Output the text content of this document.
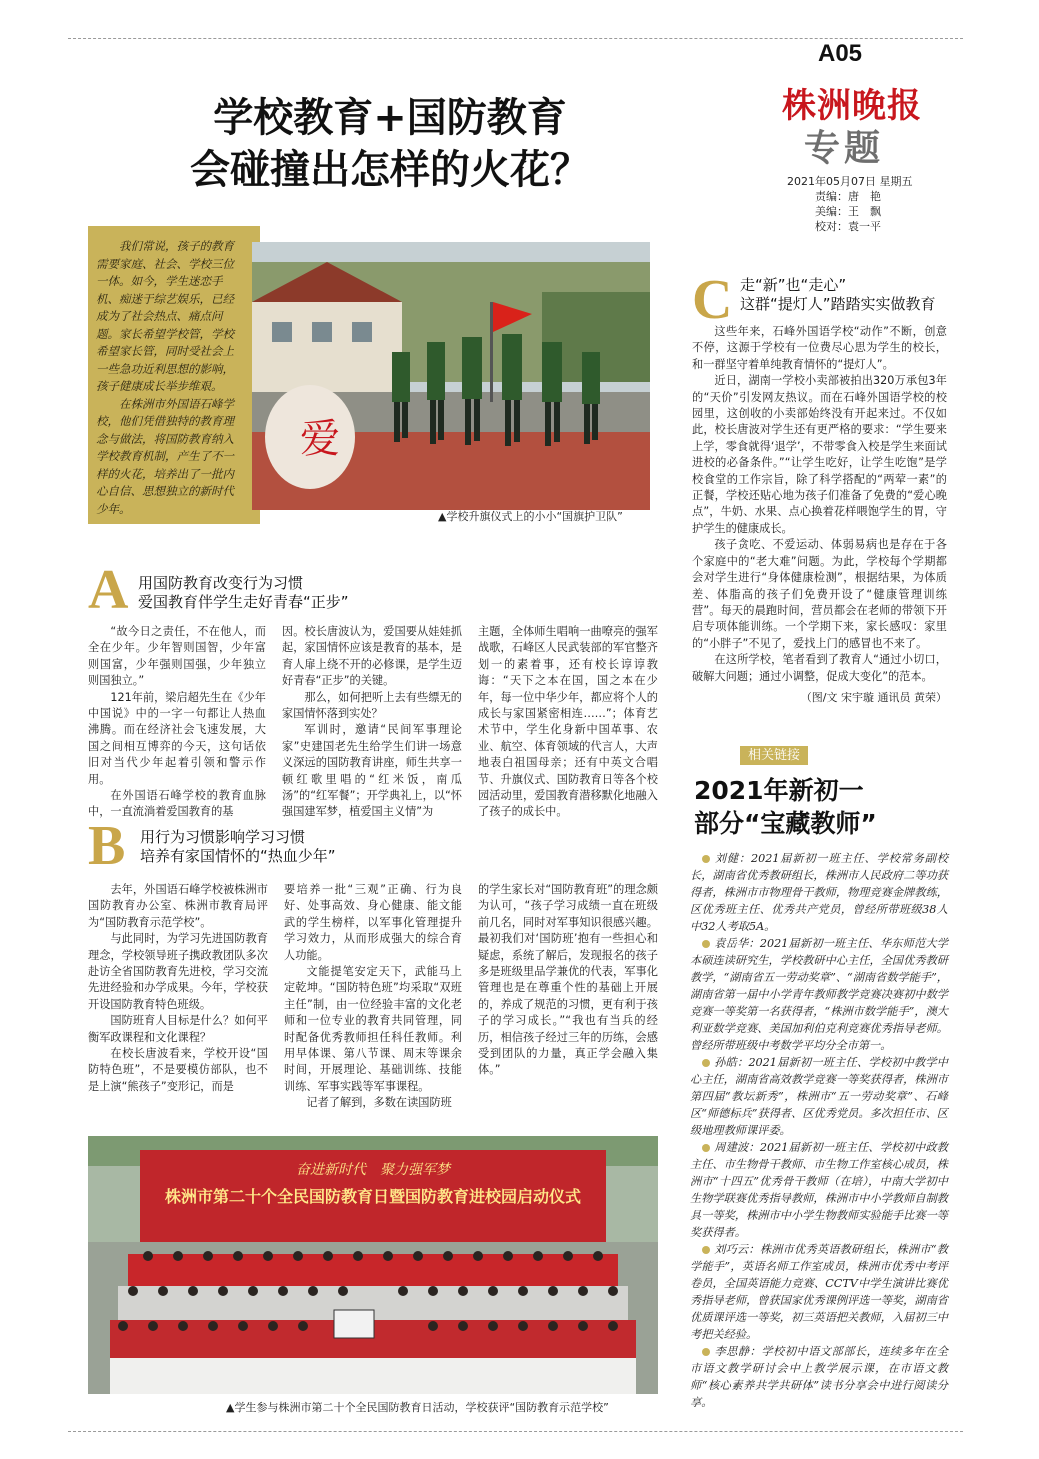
A05
株洲晚报
专题
2021年05月07日 星期五
责编：唐　艳
美编：王　飘
校对：袁一平
学校教育+国防教育
会碰撞出怎样的火花？

我们常说，孩子的教育需要家庭、社会、学校三位一体。如今，学生迷恋手机、痴迷于综艺娱乐，已经成为了社会热点、痛点问题。家长希望学校管，学校希望家长管，同时受社会上一些急功近利思想的影响，孩子健康成长举步维艰。

在株洲市外国语石峰学校，他们凭借独特的教育理念与做法，将国防教育纳入学校教育机制，产生了不一样的火花，培养出了一批内心自信、思想独立的新时代少年。

爱
▲学校升旗仪式上的小小“国旗护卫队”
A 用国防教育改变行为习惯
爱国教育伴学生走好青春“正步”

“故今日之责任，不在他人，而全在少年。少年智则国智，少年富则国富，少年强则国强，少年独立则国独立。”

121年前，梁启超先生在《少年中国说》中的一字一句都让人热血沸腾。而在经济社会飞速发展，大国之间相互博弈的今天，这句话依旧对当代少年起着引领和警示作用。

在外国语石峰学校的教育血脉中，一直流淌着爱国教育的基

因。校长唐波认为，爱国要从娃娃抓起，家国情怀应该是教育的基本，是育人扉上绕不开的必修课，是学生迈好青春“正步”的关键。

那么，如何把听上去有些缥无的家国情怀落到实处？

军训时，邀请“民间军事理论家”史建国老先生给学生们讲一场意义深远的国防教育讲座，师生共享一顿红歌里唱的“红米饭，南瓜汤”的“红军餐”；开学典礼上，以“怀强国建军梦，植爱国主义情”为

主题，全体师生唱响一曲嘹亮的强军战歌，石峰区人民武装部的军官整齐划一的素着事，还有校长谆谆教诲：“天下之本在国，国之本在少年，每一位中华少年，都应将个人的成长与家国紧密相连……”；体育艺术节中，学生化身新中国革事、农业、航空、体育领域的代言人，大声地表白祖国母亲；还有中英文合唱节、升旗仪式、国防教育日等各个校园活动里，爱国教育潜移默化地融入了孩子的成长中。

B 用行为习惯影响学习习惯
培养有家国情怀的“热血少年”

去年，外国语石峰学校被株洲市国防教育办公室、株洲市教育局评为“国防教育示范学校”。

与此同时，为学习先进国防教育理念，学校领导班子携政教团队多次赴访全省国防教育先进校，学习交流先进经验和办学成果。今年，学校获开设国防教育特色班级。

国防班育人目标是什么？如何平衡军政课程和文化课程？

在校长唐波看来，学校开设“国防特色班”，不是要模仿部队，也不是上演“熊孩子”变形记，而是

要培养一批“三观”正确、行为良好、处事高效、身心健康、能文能武的学生榜样，以军事化管理提升学习效力，从而形成强大的综合育人功能。

文能提笔安定天下，武能马上定乾坤。“国防特色班”均采取“双班主任”制，由一位经验丰富的文化老师和一位专业的教育共同管理，同时配备优秀教师担任科任教师。利用早体课、第八节课、周末等课余时间，开展理论、基础训练、技能训练、军事实践等军事课程。

记者了解到，多数在读国防班

的学生家长对“国防教育班”的理念颇为认可，“孩子学习成绩一直在班级前几名，同时对军事知识很感兴趣。最初我们对‘国防班’抱有一些担心和疑虑，系统了解后，发现报名的孩子多是班级里品学兼优的代表，军事化管理也是在尊重个性的基础上开展的，养成了规范的习惯，更有利于孩子的学习成长。”“我也有当兵的经历，相信孩子经过三年的历练，会感受到团队的力量，真正学会融入集体。”

奋进新时代　聚力强军梦
株洲市第二十个全民国防教育日暨国防教育进校园启动仪式
▲学生参与株洲市第二十个全民国防教育日活动，学校获评“国防教育示范学校”
C 走“新”也“走心”
这群“提灯人”踏踏实实做教育

这些年来，石峰外国语学校“动作”不断，创意不停，这源于学校有一位费尽心思为学生的校长，和一群坚守着单纯教育情怀的“提灯人”。

近日，湖南一学校小卖部被拍出320万承包3年的“天价”引发网友热议。而在石峰外国语学校的校园里，这创收的小卖部始终没有开起来过。不仅如此，校长唐波对学生还有更严格的要求：“学生要来上学，零食就得‘退学’，不带零食入校是学生来面试进校的必备条件。”“让学生吃好，让学生吃饱”是学校食堂的工作宗旨，除了科学搭配的“两荤一素”的正餐，学校还贴心地为孩子们准备了免费的“爱心晚点”，牛奶、水果、点心换着花样喂饱学生的胃，守护学生的健康成长。

孩子贪吃、不爱运动、体弱易病也是存在于各个家庭中的“老大难”问题。为此，学校每个学期都会对学生进行“身体健康检测”，根据结果，为体质差、体脂高的孩子们免费开设了“健康管理训练营”。每天的晨跑时间，营员都会在老师的带领下开启专项体能训练。一个学期下来，家长感叹：家里的“小胖子”不见了，爱找上门的感冒也不来了。

在这所学校，笔者看到了教育人“通过小切口，破解大问题；通过小调整，促成大变化”的范本。

（图/文 宋宇璇 通讯员 黄荣）
相关链接
2021年新初一
部分“宝藏教师”

刘健：2021届新初一班主任、学校常务副校长，湖南省优秀教研组长，株洲市人民政府二等功获得者，株洲市市物理骨干教师，物理竞赛金牌教练，区优秀班主任、优秀共产党员，曾经所带班级38人中32人考取5A。

袁岳华：2021届新初一班主任、华东师范大学本硕连读研究生，学校教研中心主任，全国优秀教研教学，“湖南省五一劳动奖章”、“湖南省数学能手”，湖南省第一届中小学青年教师教学竞赛决赛初中数学竞赛一等奖第一名获得者，“株洲市数学能手”，澳大利亚数学竞赛、美国加利伯克利竞赛优秀指导老师。曾经所带班级中考数学平均分全市第一。

孙皓：2021届新初一班主任、学校初中教学中心主任，湖南省高效教学竞赛一等奖获得者，株洲市第四届“教坛新秀”，株洲市“五一劳动奖章”、石峰区“师德标兵”获得者、区优秀党员。多次担任市、区级地理教师课评委。

周建波：2021届新初一班主任、学校初中政教主任、市生物骨干教师、市生物工作室核心成员，株洲市“十四五”优秀骨干教师（在培），中南大学初中生物学联赛优秀指导教师，株洲市中小学教师自制教具一等奖，株洲市中小学生物教师实验能手比赛一等奖获得者。

刘巧云：株洲市优秀英语教研组长，株洲市“教学能手”，英语名师工作室成员，株洲市优秀中考评卷员，全国英语能力竞赛、CCTV中学生演讲比赛优秀指导老师，曾获国家优秀课例评选一等奖，湖南省优质课评选一等奖，初三英语把关教师，入届初三中考把关经验。

李思静：学校初中语文部部长，连续多年在全市语文教学研讨会中上教学展示课，在市语文教师“核心素养共学共研体”读书分享会中进行阅读分享。
